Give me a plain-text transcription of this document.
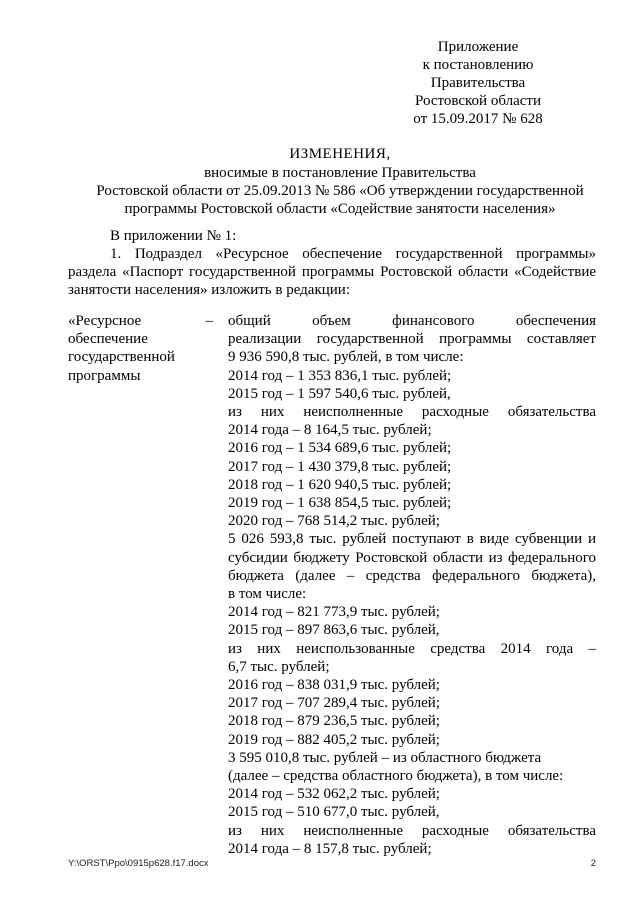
Приложение
к постановлению
Правительства
Ростовской области
от 15.09.2017 № 628
ИЗМЕНЕНИЯ,
вносимые в постановление Правительства
Ростовской области от 25.09.2013 № 586 «Об утверждении государственной
программы Ростовской области «Содействие занятости населения»
В приложении № 1:
1. Подраздел «Ресурсное обеспечение государственной программы»
раздела «Паспорт государственной программы Ростовской области «Содействие
занятости населения» изложить в редакции:
«Ресурсное	–
обеспечение
государственной
программы
общий объем финансового обеспечения
реализации государственной программы составляет
9 936 590,8 тыс. рублей, в том числе:
2014 год – 1 353 836,1 тыс. рублей;
2015 год – 1 597 540,6 тыс. рублей,
из них неисполненные расходные обязательства
2014 года – 8 164,5 тыс. рублей;
2016 год – 1 534 689,6 тыс. рублей;
2017 год – 1 430 379,8 тыс. рублей;
2018 год – 1 620 940,5 тыс. рублей;
2019 год – 1 638 854,5 тыс. рублей;
2020 год – 768 514,2 тыс. рублей;
5 026 593,8 тыс. рублей поступают в виде субвенции и
субсидии бюджету Ростовской области из федерального
бюджета (далее – средства федерального бюджета),
в том числе:
2014 год – 821 773,9 тыс. рублей;
2015 год – 897 863,6 тыс. рублей,
из них неиспользованные средства 2014 года –
6,7 тыс. рублей;
2016 год – 838 031,9 тыс. рублей;
2017 год – 707 289,4 тыс. рублей;
2018 год – 879 236,5 тыс. рублей;
2019 год – 882 405,2 тыс. рублей;
3 595 010,8 тыс. рублей – из областного бюджета
(далее – средства областного бюджета), в том числе:
2014 год – 532 062,2 тыс. рублей;
2015 год – 510 677,0 тыс. рублей,
из них неисполненные расходные обязательства
2014 года – 8 157,8 тыс. рублей;
Y:\ORST\Ppo\0915p628.f17.docx	2
